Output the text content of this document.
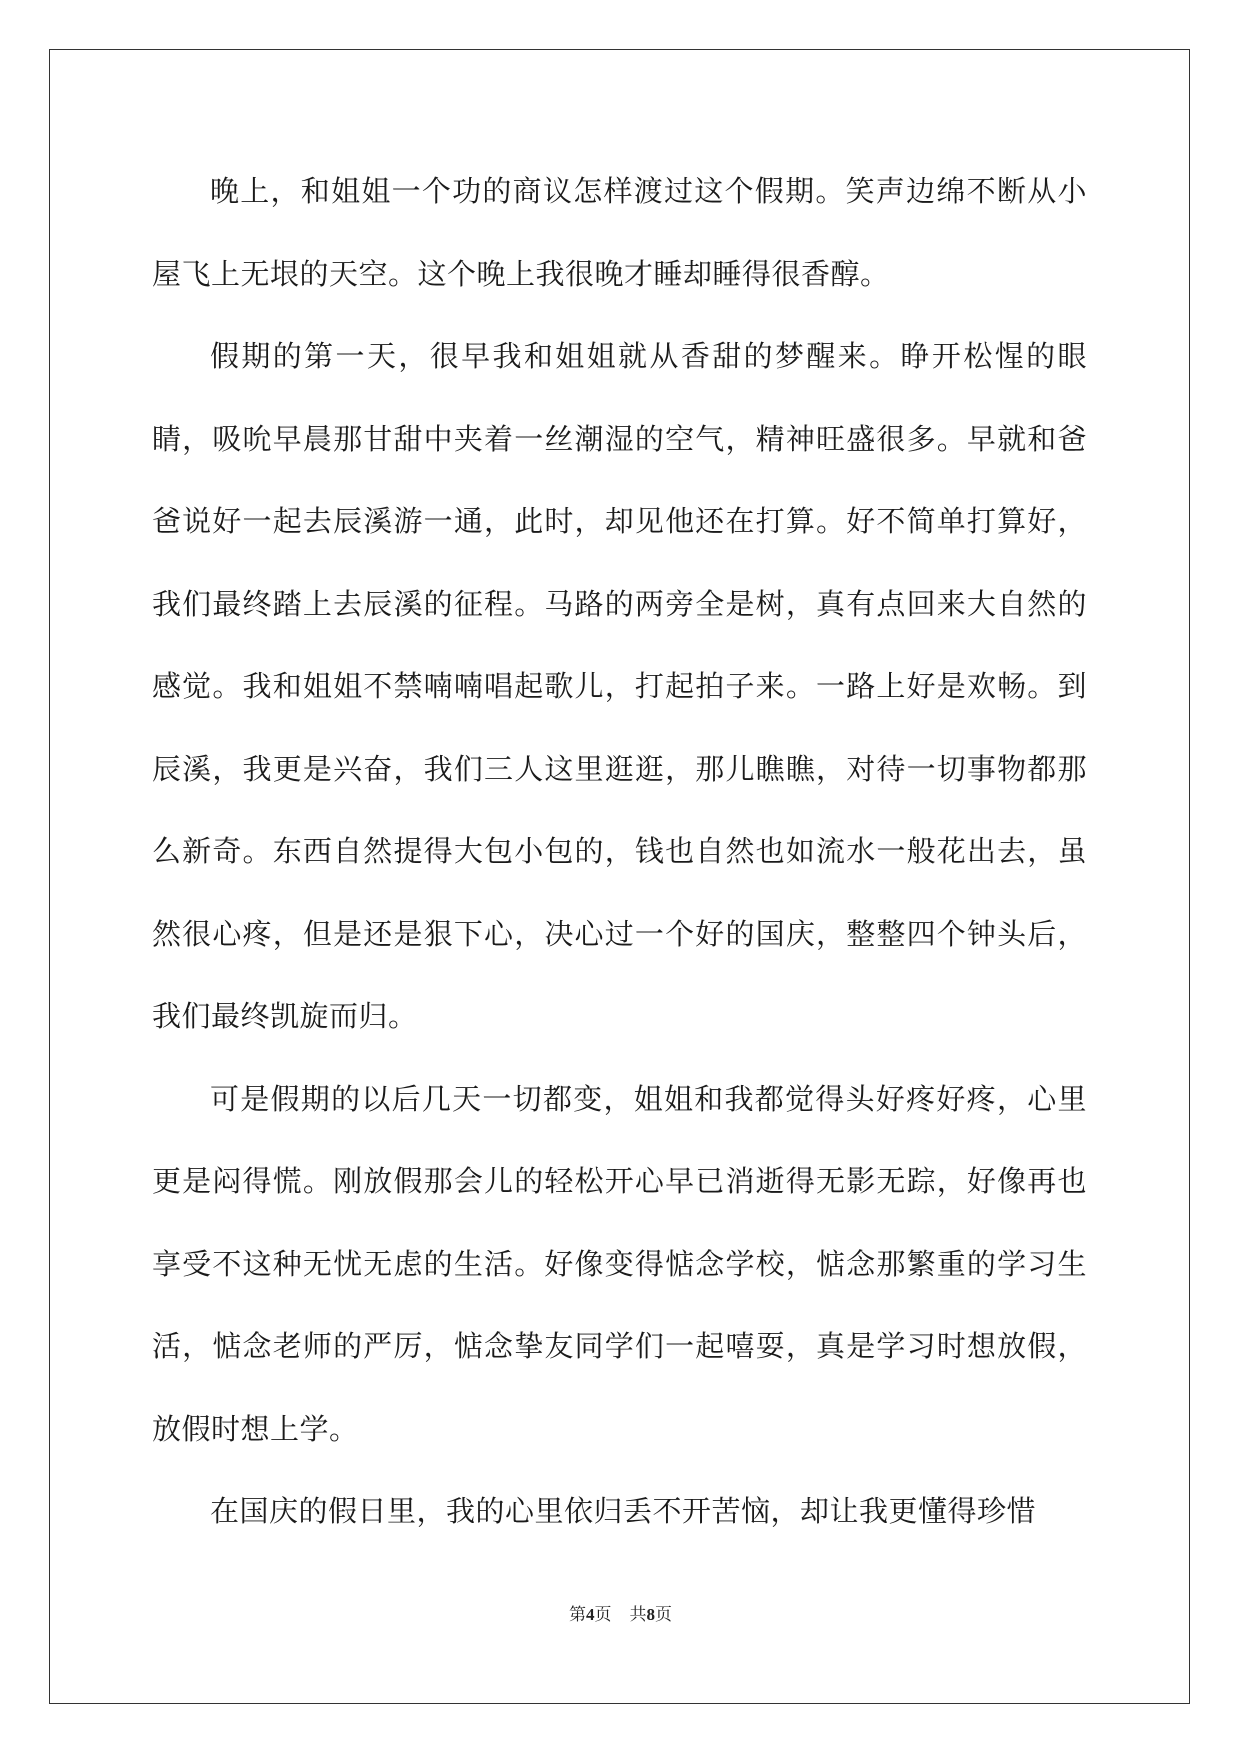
晚上，和姐姐一个功的商议怎样渡过这个假期。笑声边绵不断从小屋飞上无垠的天空。这个晚上我很晚才睡却睡得很香醇。

假期的第一天，很早我和姐姐就从香甜的梦醒来。睁开松惺的眼睛，吸吮早晨那甘甜中夹着一丝潮湿的空气，精神旺盛很多。早就和爸爸说好一起去辰溪游一通，此时，却见他还在打算。好不简单打算好，我们最终踏上去辰溪的征程。马路的两旁全是树，真有点回来大自然的感觉。我和姐姐不禁喃喃唱起歌儿，打起拍子来。一路上好是欢畅。到辰溪，我更是兴奋，我们三人这里逛逛，那儿瞧瞧，对待一切事物都那么新奇。东西自然提得大包小包的，钱也自然也如流水一般花出去，虽然很心疼，但是还是狠下心，决心过一个好的国庆，整整四个钟头后，我们最终凯旋而归。

可是假期的以后几天一切都变，姐姐和我都觉得头好疼好疼，心里更是闷得慌。刚放假那会儿的轻松开心早已消逝得无影无踪，好像再也享受不这种无忧无虑的生活。好像变得惦念学校，惦念那繁重的学习生活，惦念老师的严厉，惦念挚友同学们一起嘻耍，真是学习时想放假，放假时想上学。

在国庆的假日里，我的心里依归丢不开苦恼，却让我更懂得珍惜

第4页 共8页
